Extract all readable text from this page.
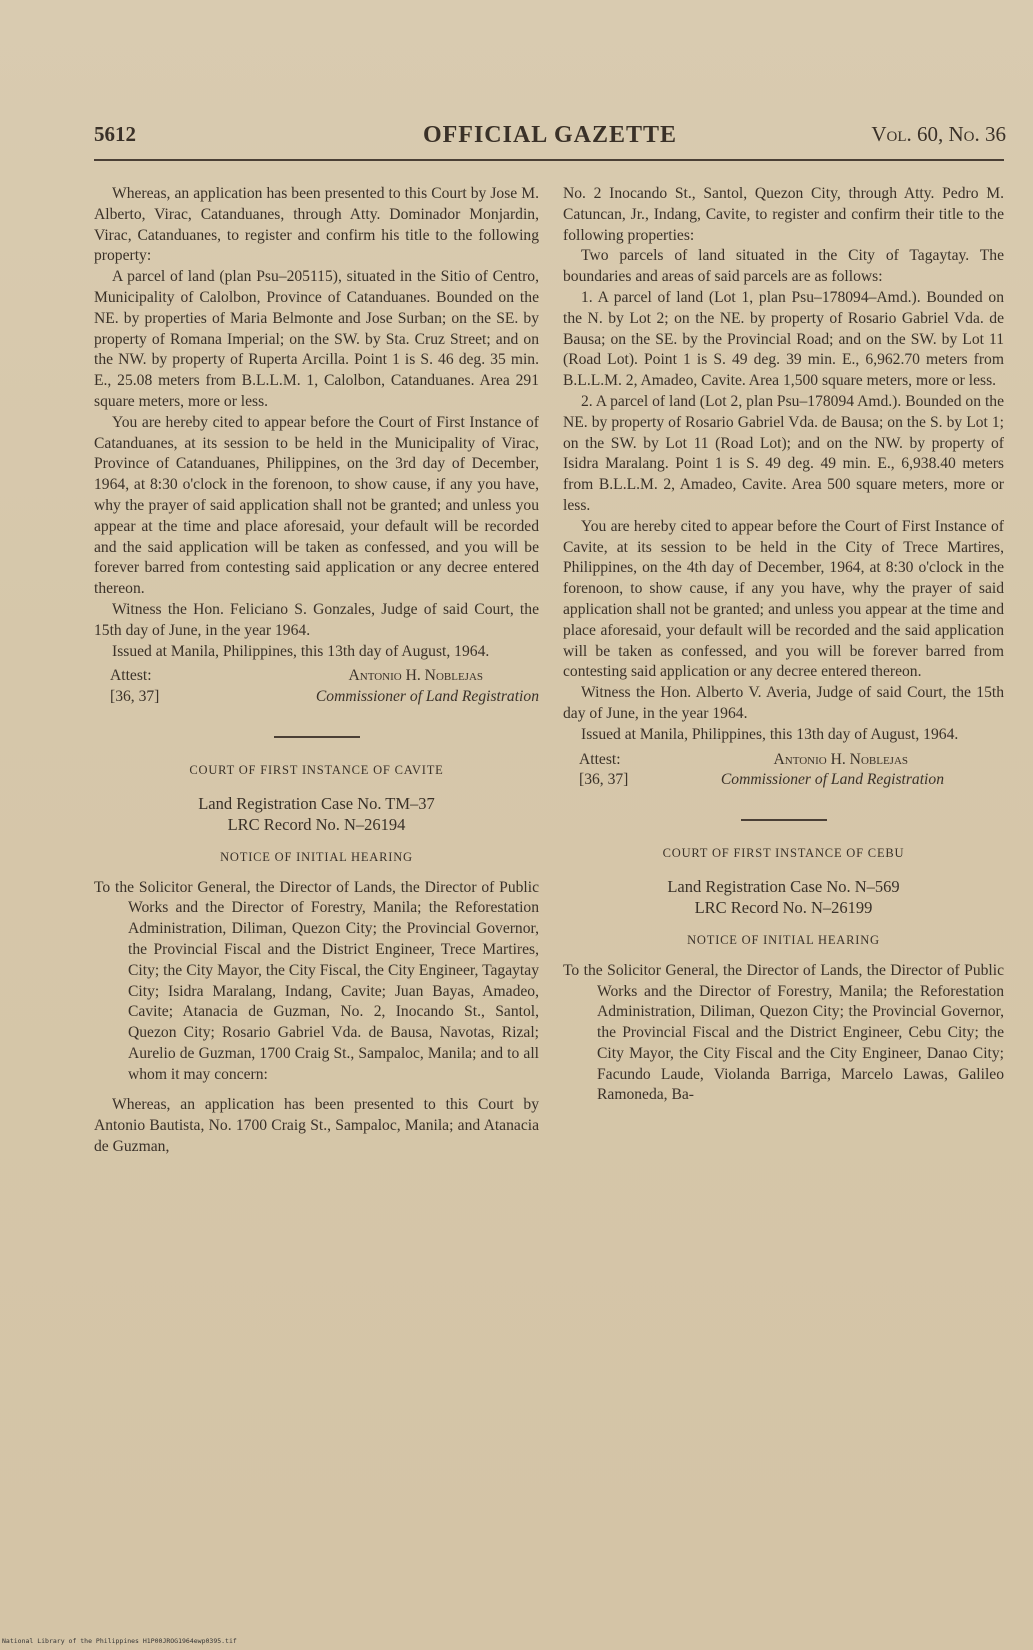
5612	OFFICIAL GAZETTE	Vol. 60, No. 36

Whereas, an application has been presented to this Court by Jose M. Alberto, Virac, Catanduanes, through Atty. Dominador Monjardin, Virac, Catanduanes, to register and confirm his title to the following property:

A parcel of land (plan Psu–205115), situated in the Sitio of Centro, Municipality of Calolbon, Province of Catanduanes. Bounded on the NE. by properties of Maria Belmonte and Jose Surban; on the SE. by property of Romana Imperial; on the SW. by Sta. Cruz Street; and on the NW. by property of Ruperta Arcilla. Point 1 is S. 46 deg. 35 min. E., 25.08 meters from B.L.L.M. 1, Calolbon, Catanduanes. Area 291 square meters, more or less.

You are hereby cited to appear before the Court of First Instance of Catanduanes, at its session to be held in the Municipality of Virac, Province of Catanduanes, Philippines, on the 3rd day of December, 1964, at 8:30 o'clock in the forenoon, to show cause, if any you have, why the prayer of said application shall not be granted; and unless you appear at the time and place aforesaid, your default will be recorded and the said application will be taken as confessed, and you will be forever barred from contesting said application or any decree entered thereon.

Witness the Hon. Feliciano S. Gonzales, Judge of said Court, the 15th day of June, in the year 1964.

Issued at Manila, Philippines, this 13th day of August, 1964.

Attest:	Antonio H. Noblejas
[36, 37]	Commissioner of Land Registration
COURT OF FIRST INSTANCE OF CAVITE
Land Registration Case No. TM–37
LRC Record No. N–26194
NOTICE OF INITIAL HEARING

To the Solicitor General, the Director of Lands, the Director of Public Works and the Director of Forestry, Manila; the Reforestation Administration, Diliman, Quezon City; the Provincial Governor, the Provincial Fiscal and the District Engineer, Trece Martires, City; the City Mayor, the City Fiscal, the City Engineer, Tagaytay City; Isidra Maralang, Indang, Cavite; Juan Bayas, Amadeo, Cavite; Atanacia de Guzman, No. 2, Inocando St., Santol, Quezon City; Rosario Gabriel Vda. de Bausa, Navotas, Rizal; Aurelio de Guzman, 1700 Craig St., Sampaloc, Manila; and to all whom it may concern:

Whereas, an application has been presented to this Court by Antonio Bautista, No. 1700 Craig St., Sampaloc, Manila; and Atanacia de Guzman,

No. 2 Inocando St., Santol, Quezon City, through Atty. Pedro M. Catuncan, Jr., Indang, Cavite, to register and confirm their title to the following properties:

Two parcels of land situated in the City of Tagaytay. The boundaries and areas of said parcels are as follows:

1. A parcel of land (Lot 1, plan Psu–178094–Amd.). Bounded on the N. by Lot 2; on the NE. by property of Rosario Gabriel Vda. de Bausa; on the SE. by the Provincial Road; and on the SW. by Lot 11 (Road Lot). Point 1 is S. 49 deg. 39 min. E., 6,962.70 meters from B.L.L.M. 2, Amadeo, Cavite. Area 1,500 square meters, more or less.

2. A parcel of land (Lot 2, plan Psu–178094 Amd.). Bounded on the NE. by property of Rosario Gabriel Vda. de Bausa; on the S. by Lot 1; on the SW. by Lot 11 (Road Lot); and on the NW. by property of Isidra Maralang. Point 1 is S. 49 deg. 49 min. E., 6,938.40 meters from B.L.L.M. 2, Amadeo, Cavite. Area 500 square meters, more or less.

You are hereby cited to appear before the Court of First Instance of Cavite, at its session to be held in the City of Trece Martires, Philippines, on the 4th day of December, 1964, at 8:30 o'clock in the forenoon, to show cause, if any you have, why the prayer of said application shall not be granted; and unless you appear at the time and place aforesaid, your default will be recorded and the said application will be taken as confessed, and you will be forever barred from contesting said application or any decree entered thereon.

Witness the Hon. Alberto V. Averia, Judge of said Court, the 15th day of June, in the year 1964.

Issued at Manila, Philippines, this 13th day of August, 1964.

Attest:	Antonio H. Noblejas
[36, 37]	Commissioner of Land Registration
COURT OF FIRST INSTANCE OF CEBU
Land Registration Case No. N–569
LRC Record No. N–26199
NOTICE OF INITIAL HEARING

To the Solicitor General, the Director of Lands, the Director of Public Works and the Director of Forestry, Manila; the Reforestation Administration, Diliman, Quezon City; the Provincial Governor, the Provincial Fiscal and the District Engineer, Cebu City; the City Mayor, the City Fiscal and the City Engineer, Danao City; Facundo Laude, Violanda Barriga, Marcelo Lawas, Galileo Ramoneda, Ba-

National Library of the Philippines H1P00JROG1964ewp0395.tif
